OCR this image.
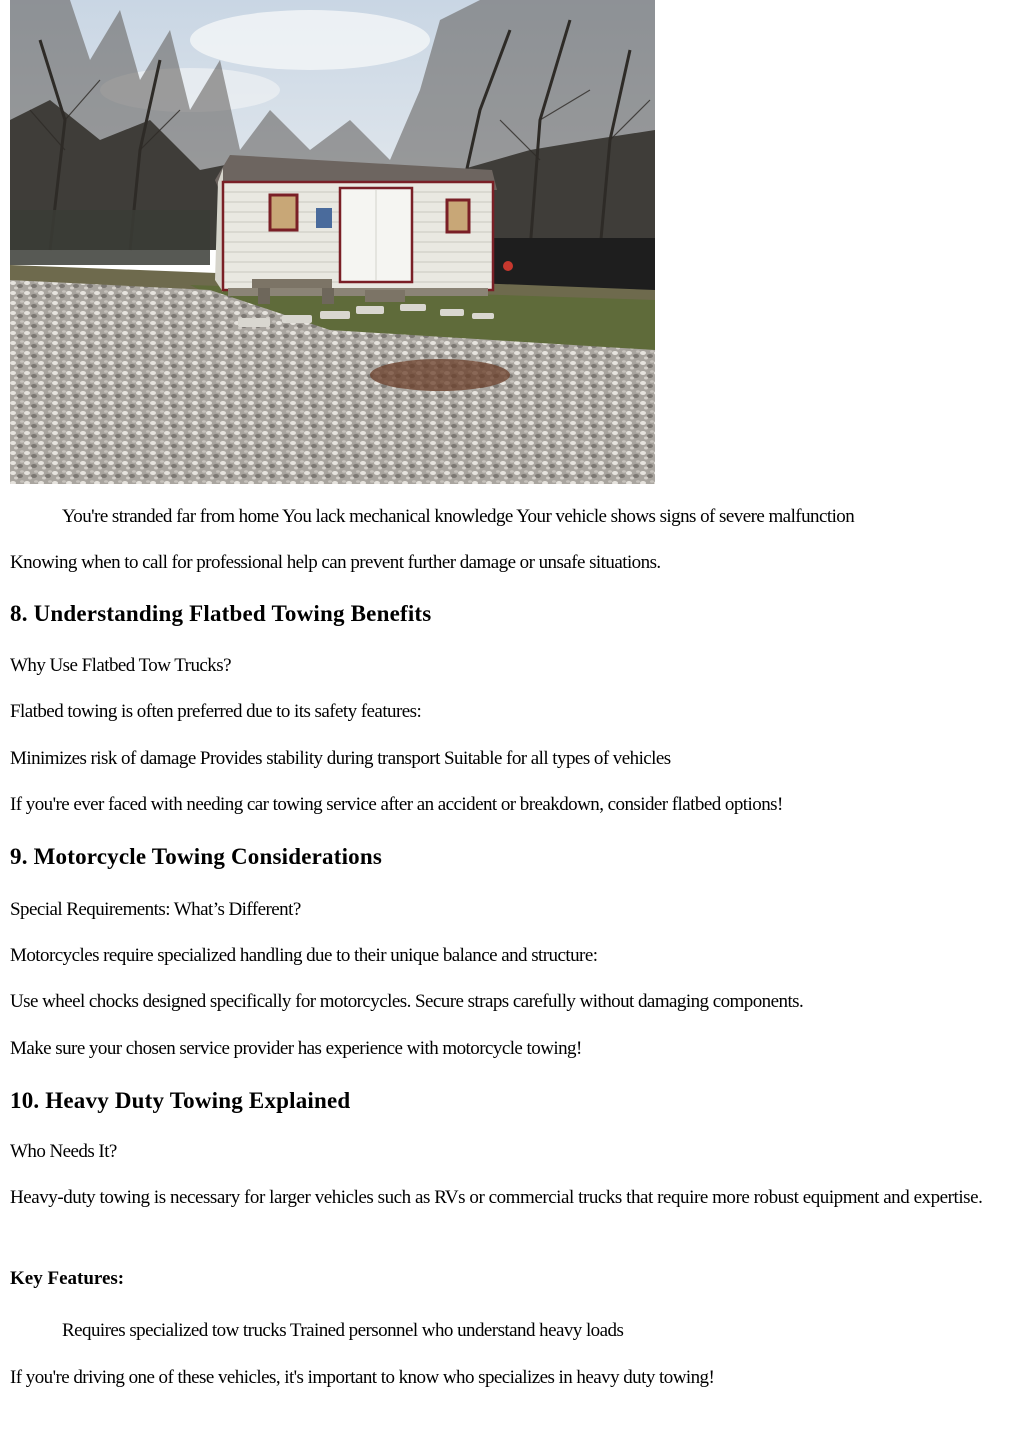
You're stranded far from home You lack mechanical knowledge Your vehicle shows signs of severe malfunction

Knowing when to call for professional help can prevent further damage or unsafe situations.

8. Understanding Flatbed Towing Benefits

Why Use Flatbed Tow Trucks?

Flatbed towing is often preferred due to its safety features:

Minimizes risk of damage Provides stability during transport Suitable for all types of vehicles

If you're ever faced with needing car towing service after an accident or breakdown, consider flatbed options!

9. Motorcycle Towing Considerations

Special Requirements: What’s Different?

Motorcycles require specialized handling due to their unique balance and structure:

Use wheel chocks designed specifically for motorcycles. Secure straps carefully without damaging components.

Make sure your chosen service provider has experience with motorcycle towing!

10. Heavy Duty Towing Explained

Who Needs It?

Heavy-duty towing is necessary for larger vehicles such as RVs or commercial trucks that require more robust equipment and expertise.

Key Features:

Requires specialized tow trucks Trained personnel who understand heavy loads

If you're driving one of these vehicles, it's important to know who specializes in heavy duty towing!
